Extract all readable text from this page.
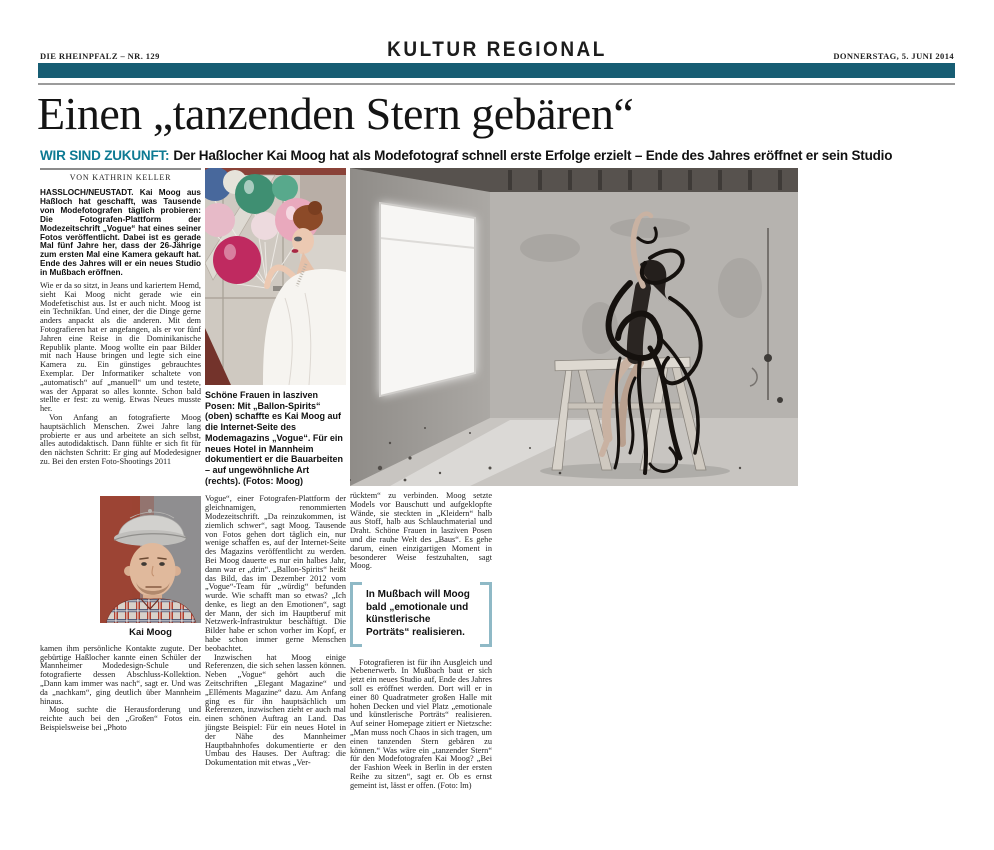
DIE RHEINPFALZ – NR. 129	KULTUR REGIONAL	DONNERSTAG, 5. JUNI 2014
Einen „tanzenden Stern gebären“
WIR SIND ZUKUNFT: Der Haßlocher Kai Moog hat als Modefotograf schnell erste Erfolge erzielt – Ende des Jahres eröffnet er sein Studio
VON KATHRIN KELLER

HASSLOCH/NEUSTADT. Kai Moog aus Haßloch hat geschafft, was Tausende von Modefotografen täglich probieren: Die Fotografen-Plattform der Modezeitschrift „Vogue“ hat eines seiner Fotos veröffentlicht. Dabei ist es gerade Mal fünf Jahre her, dass der 26-Jährige zum ersten Mal eine Kamera gekauft hat. Ende des Jahres will er ein neues Studio in Mußbach eröffnen.

Wie er da so sitzt, in Jeans und kariertem Hemd, sieht Kai Moog nicht gerade wie ein Modefetischist aus. Ist er auch nicht. Moog ist ein Technikfan. Und einer, der die Dinge gerne anders anpackt als die anderen. Mit dem Fotografieren hat er angefangen, als er vor fünf Jahren eine Reise in die Dominikanische Republik plante. Moog wollte ein paar Bilder mit nach Hause bringen und legte sich eine Kamera zu. Ein günstiges gebrauchtes Exemplar. Der Informatiker schaltete von „automatisch“ auf „manuell“ um und testete, was der Apparat so alles konnte. Schon bald stellte er fest: zu wenig. Etwas Neues musste her.

Von Anfang an fotografierte Moog hauptsächlich Menschen. Zwei Jahre lang probierte er aus und arbeitete an sich selbst, alles autodidaktisch. Dann fühlte er sich fit für den nächsten Schritt: Er ging auf Modedesigner zu. Bei den ersten Foto-Shootings 2011

Kai Moog

kamen ihm persönliche Kontakte zugute. Der gebürtige Haßlocher kannte einen Schüler der Mannheimer Modedesign-Schule und fotografierte dessen Abschluss-Kollektion. „Dann kam immer was nach“, sagt er. Und was da „nachkam“, ging deutlich über Mannheim hinaus.

Moog suchte die Herausforderung und reichte auch bei den „Großen“ Fotos ein. Beispielsweise bei „Photo

Schöne Frauen in lasziven Posen: Mit „Ballon-Spirits“ (oben) schaffte es Kai Moog auf die Internet-Seite des Modemagazins „Vogue“. Für ein neues Hotel in Mannheim dokumentiert er die Bauarbeiten – auf ungewöhnliche Art (rechts). (Fotos: Moog)

Vogue“, einer Fotografen-Plattform der gleichnamigen, renommierten Modezeitschrift. „Da reinzukommen, ist ziemlich schwer“, sagt Moog. Tausende von Fotos gehen dort täglich ein, nur wenige schaffen es, auf der Internet-Seite des Magazins veröffentlicht zu werden. Bei Moog dauerte es nur ein halbes Jahr, dann war er „drin“. „Ballon-Spirits“ heißt das Bild, das im Dezember 2012 vom „Vogue“-Team für „würdig“ befunden wurde. Wie schafft man so etwas? „Ich denke, es liegt an den Emotionen“, sagt der Mann, der sich im Hauptberuf mit Netzwerk-Infrastruktur beschäftigt. Die Bilder habe er schon vorher im Kopf, er habe schon immer gerne Menschen beobachtet.

Inzwischen hat Moog einige Referenzen, die sich sehen lassen können. Neben „Vogue“ gehört auch die Zeitschriften „Elegant Magazine“ und „Elléments Magazine“ dazu. Am Anfang ging es für ihn hauptsächlich um Referenzen, inzwischen zieht er auch mal einen schönen Auftrag an Land. Das jüngste Beispiel: Für ein neues Hotel in der Nähe des Mannheimer Hauptbahnhofes dokumentierte er den Umbau des Hauses. Der Auftrag: die Dokumentation mit etwas „Ver-

rücktem“ zu verbinden. Moog setzte Models vor Bauschutt und aufgeklopfte Wände, sie steckten in „Kleidern“ halb aus Stoff, halb aus Schlauchmaterial und Draht. Schöne Frauen in lasziven Posen und die rauhe Welt des „Baus“. Es gehe darum, einen einzigartigen Moment in besonderer Weise festzuhalten, sagt Moog.

In Mußbach will Moog bald „emotionale und künstlerische Porträts“ realisieren.

Fotografieren ist für ihn Ausgleich und Nebenerwerb. In Mußbach baut er sich jetzt ein neues Studio auf, Ende des Jahres soll es eröffnet werden. Dort will er in einer 80 Quadratmeter großen Halle mit hohen Decken und viel Platz „emotionale und künstlerische Porträts“ realisieren. Auf seiner Homepage zitiert er Nietzsche: „Man muss noch Chaos in sich tragen, um einen tanzenden Stern gebären zu können.“ Was wäre ein „tanzender Stern“ für den Modefotografen Kai Moog? „Bei der Fashion Week in Berlin in der ersten Reihe zu sitzen“, sagt er. Ob es ernst gemeint ist, lässt er offen. (Foto: lm)
